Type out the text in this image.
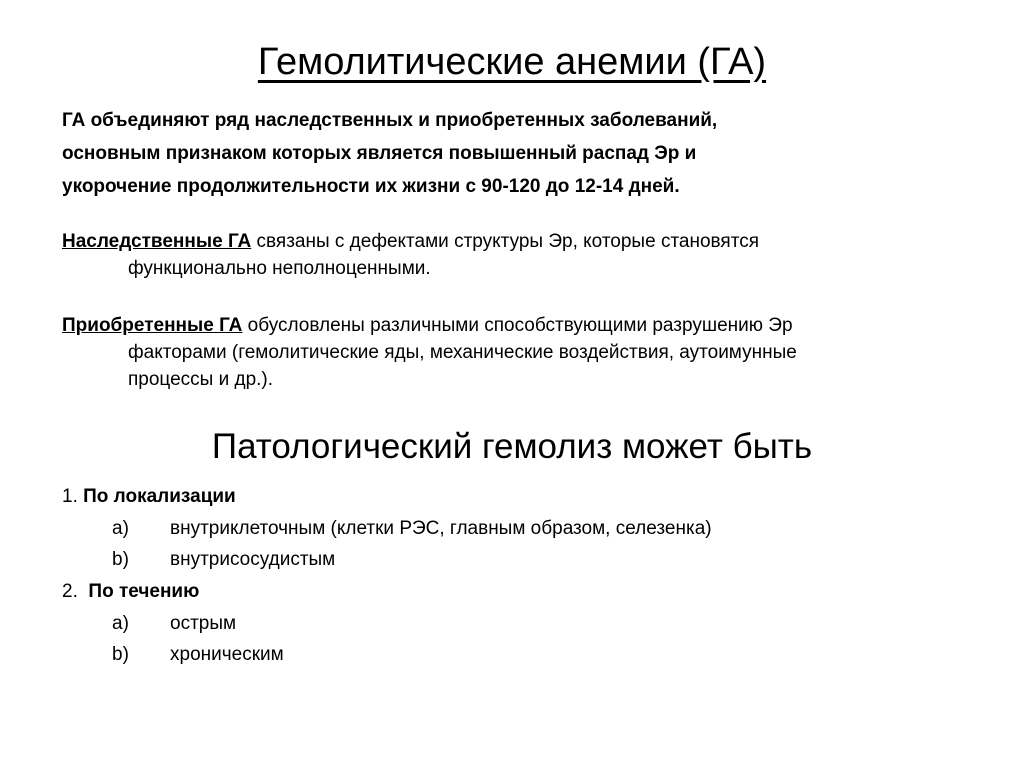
Гемолитические анемии (ГА)
ГА объединяют ряд наследственных и приобретенных заболеваний,
основным признаком которых является повышенный распад Эр и
укорочение продолжительности их жизни с 90-120 до 12-14 дней.
Наследственные ГА связаны с дефектами структуры Эр, которые становятся
функционально неполноценными.
Приобретенные ГА обусловлены различными способствующими разрушению Эр
факторами (гемолитические яды, механические воздействия, аутоимунные
процессы и др.).
Патологический гемолиз может быть
1. По локализации
a) внутриклеточным (клетки РЭС, главным образом, селезенка)
b) внутрисосудистым
2.  По течению
a) острым
b) хроническим
